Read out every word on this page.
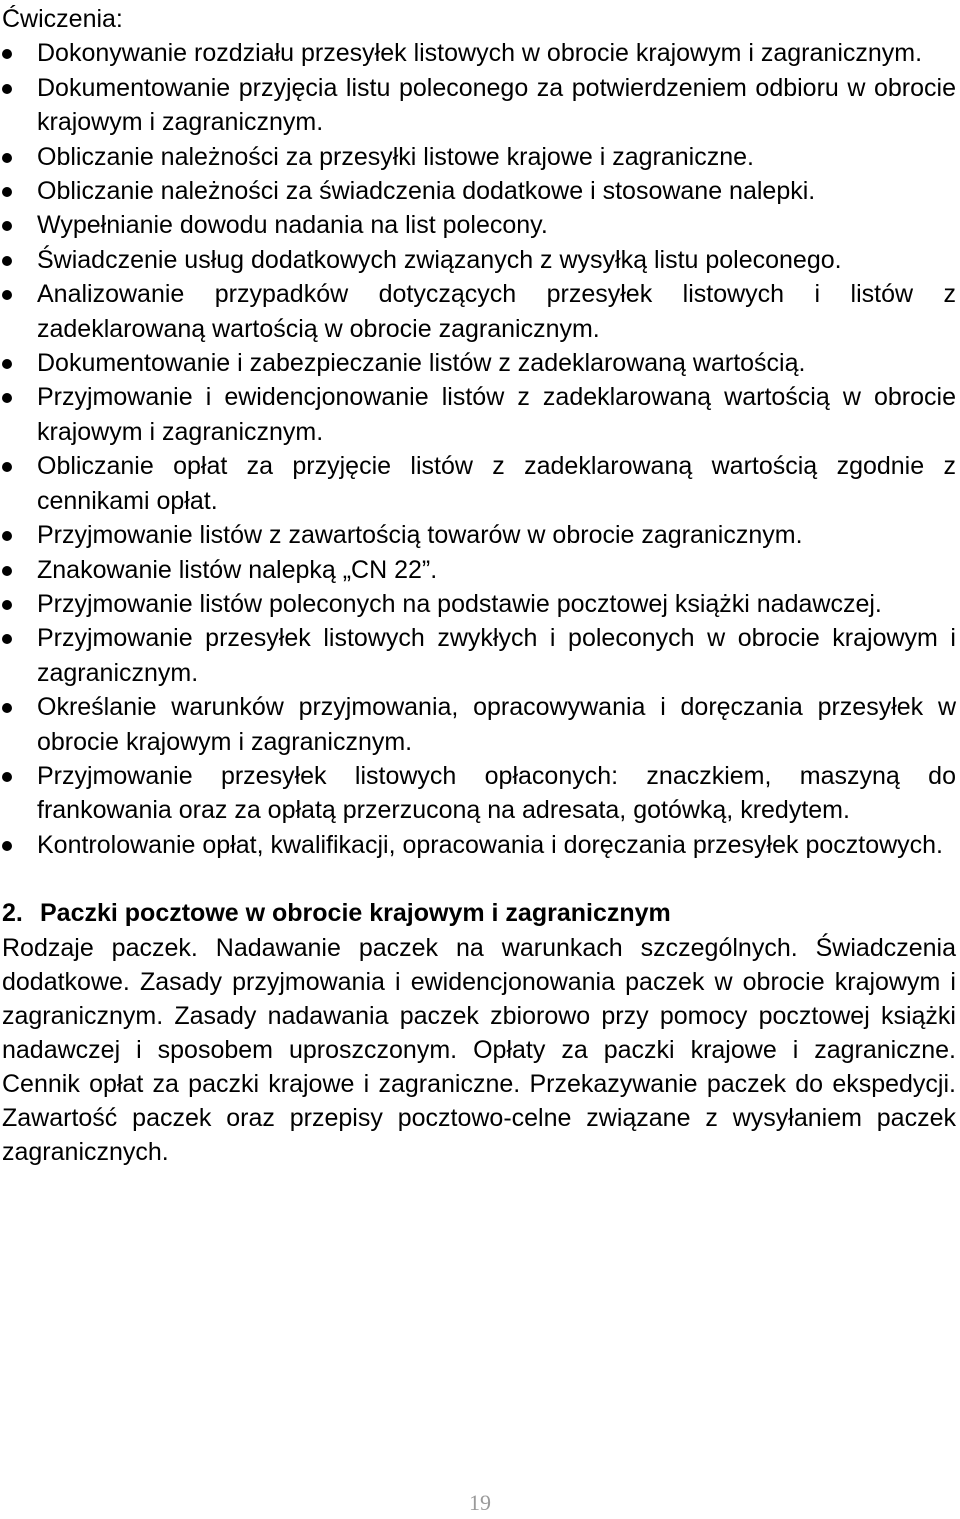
Ćwiczenia:

Dokonywanie rozdziału przesyłek listowych w obrocie krajowym i zagranicznym.
Dokumentowanie przyjęcia listu poleconego za potwierdzeniem odbioru w obrocie krajowym i zagranicznym.
Obliczanie należności za przesyłki listowe krajowe i zagraniczne.
Obliczanie należności za świadczenia dodatkowe i stosowane nalepki.
Wypełnianie dowodu nadania na list polecony.
Świadczenie usług dodatkowych związanych z wysyłką listu poleconego.
Analizowanie przypadków dotyczących przesyłek listowych i listów z zadeklarowaną wartością w obrocie zagranicznym.
Dokumentowanie i zabezpieczanie listów z zadeklarowaną wartością.
Przyjmowanie i ewidencjonowanie listów z zadeklarowaną wartością w obrocie krajowym i zagranicznym.
Obliczanie opłat za przyjęcie listów z zadeklarowaną wartością zgodnie z cennikami opłat.
Przyjmowanie listów z zawartością towarów w obrocie zagranicznym.
Znakowanie listów nalepką „CN 22”.
Przyjmowanie listów poleconych na podstawie pocztowej książki nadawczej.
Przyjmowanie przesyłek listowych zwykłych i poleconych w obrocie krajowym i zagranicznym.
Określanie warunków przyjmowania, opracowywania i doręczania przesyłek w obrocie krajowym i zagranicznym.
Przyjmowanie przesyłek listowych opłaconych: znaczkiem, maszyną do frankowania oraz za opłatą przerzuconą na adresata, gotówką, kredytem.
Kontrolowanie opłat, kwalifikacji, opracowania i doręczania przesyłek pocztowych.

2. Paczki pocztowe w obrocie krajowym i zagranicznym

Rodzaje paczek. Nadawanie paczek na warunkach szczególnych. Świadczenia dodatkowe. Zasady przyjmowania i ewidencjonowania paczek w obrocie krajowym i zagranicznym. Zasady nadawania paczek zbiorowo przy pomocy pocztowej książki nadawczej i sposobem uproszczonym. Opłaty za paczki krajowe i zagraniczne. Cennik opłat za paczki krajowe i zagraniczne. Przekazywanie paczek do ekspedycji. Zawartość paczek oraz przepisy pocztowo-celne związane z wysyłaniem paczek zagranicznych.

19
